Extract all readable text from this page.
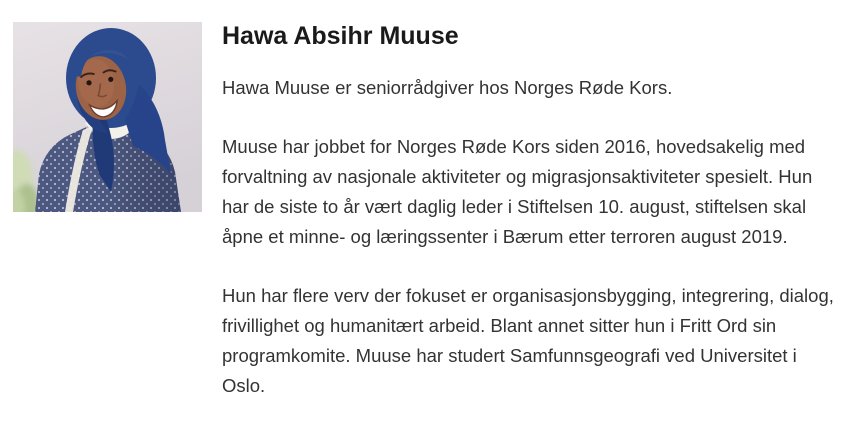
Hawa Absihr Muuse

Hawa Muuse er seniorrådgiver hos Norges Røde Kors.

Muuse har jobbet for Norges Røde Kors siden 2016, hovedsakelig med forvaltning av nasjonale aktiviteter og migrasjonsaktiviteter spesielt. Hun har de siste to år vært daglig leder i Stiftelsen 10. august, stiftelsen skal åpne et minne- og læringssenter i Bærum etter terroren august 2019.

Hun har flere verv der fokuset er organisasjonsbygging, integrering, dialog, frivillighet og humanitært arbeid. Blant annet sitter hun i Fritt Ord sin programkomite. Muuse har studert Samfunnsgeografi ved Universitet i Oslo.
